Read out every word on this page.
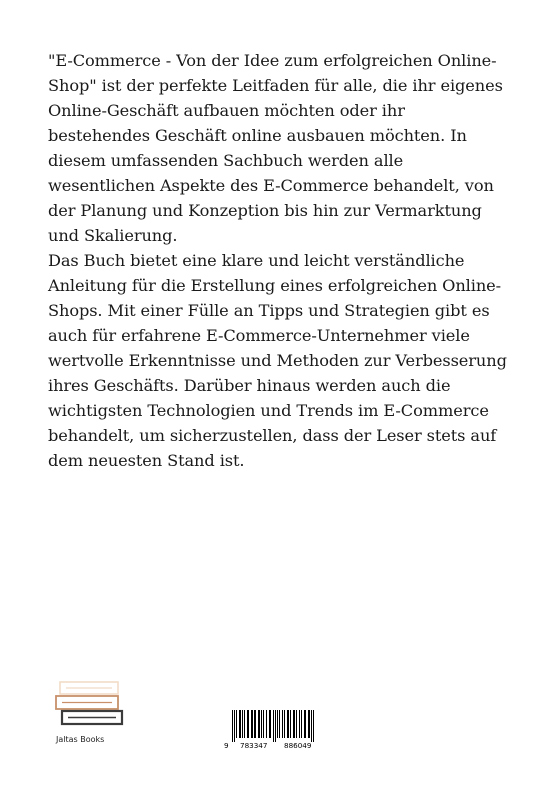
"E-Commerce - Von der Idee zum erfolgreichen Online-Shop" ist der perfekte Leitfaden für alle, die ihr eigenes Online-Geschäft aufbauen möchten oder ihr bestehendes Geschäft online ausbauen möchten. In diesem umfassenden Sachbuch werden alle wesentlichen Aspekte des E-Commerce behandelt, von der Planung und Konzeption bis hin zur Vermarktung und Skalierung.

Das Buch bietet eine klare und leicht verständliche Anleitung für die Erstellung eines erfolgreichen Online-Shops. Mit einer Fülle an Tipps und Strategien gibt es auch für erfahrene E-Commerce-Unternehmer viele wertvolle Erkenntnisse und Methoden zur Verbesserung ihres Geschäfts. Darüber hinaus werden auch die wichtigsten Technologien und Trends im E-Commerce behandelt, um sicherzustellen, dass der Leser stets auf dem neuesten Stand ist.

Jaltas Books
9 783347 886049
